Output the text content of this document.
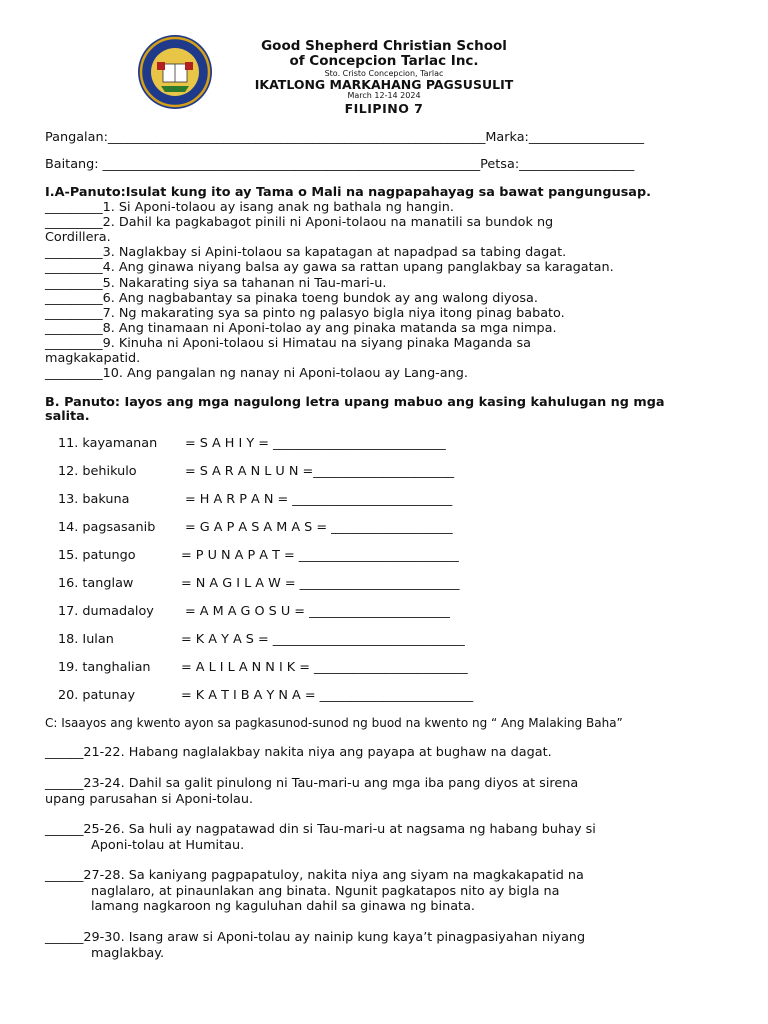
Good Shepherd Christian School
of Concepcion Tarlac Inc.
Sto. Cristo Concepcion, Tarlac
IKATLONG MARKAHANG PAGSUSULIT
March 12-14 2024
FILIPINO 7
Pangalan:___________________________________________________________Marka:__________________
Baitang: ___________________________________________________________Petsa:__________________
I.A-Panuto:Isulat kung ito ay Tama o Mali na nagpapahayag sa bawat pangungusap.
_________1. Si Aponi-tolaou ay isang anak ng bathala ng hangin.
_________2. Dahil ka pagkabagot pinili ni Aponi-tolaou na manatili sa bundok ng
Cordillera.
_________3. Naglakbay si Apini-tolaou sa kapatagan at napadpad sa tabing dagat.
_________4. Ang ginawa niyang balsa ay gawa sa rattan upang panglakbay sa karagatan.
_________5. Nakarating siya sa tahanan ni Tau-mari-u.
_________6. Ang nagbabantay sa pinaka toeng bundok ay ang walong diyosa.
_________7. Ng makarating sya sa pinto ng palasyo bigla niya itong pinag babato.
_________8. Ang tinamaan ni Aponi-tolao ay ang pinaka matanda sa mga nimpa.
_________9. Kinuha ni Aponi-tolaou si Himatau na siyang pinaka Maganda sa
magkakapatid.
_________10. Ang pangalan ng nanay ni Aponi-tolaou ay Lang-ang.
B. Panuto: Iayos ang mga nagulong letra upang mabuo ang kasing kahulugan ng mga
salita.
11. kayamanan = S A H I Y = ___________________________
12. behikulo	= S A R A N L U N =______________________
13. bakuna	= H A R P A N = _________________________
14. pagsasanib = G A P A S A M A S = ___________________
15. patungo	= P U N A P A T = _________________________
16. tanglaw	= N A G I L A W = _________________________
17. dumadaloy = A M A G O S U = ______________________
18. Iulan	= K A Y A S = ______________________________
19. tanghalian = A L I L A N N I K = ________________________
20. patunay	= K A T I B A Y N A = ________________________
C: Isaayos ang kwento ayon sa pagkasunod-sunod ng buod na kwento ng “ Ang Malaking Baha”
______21-22. Habang naglalakbay nakita niya ang payapa at bughaw na dagat.
______23-24. Dahil sa galit pinulong ni Tau-mari-u ang mga iba pang diyos at sirena
upang parusahan si Aponi-tolau.
______25-26. Sa huli ay nagpatawad din si Tau-mari-u at nagsama ng habang buhay si
Aponi-tolau at Humitau.
______27-28. Sa kaniyang pagpapatuloy, nakita niya ang siyam na magkakapatid na
naglalaro, at pinaunlakan ang binata. Ngunit pagkatapos nito ay bigla na
lamang nagkaroon ng kaguluhan dahil sa ginawa ng binata.
______29-30. Isang araw si Aponi-tolau ay nainip kung kaya’t pinagpasiyahan niyang
maglakbay.
